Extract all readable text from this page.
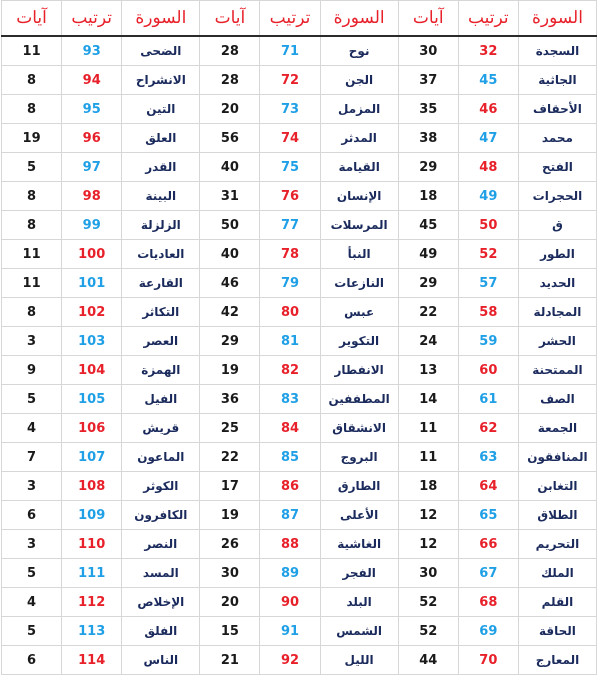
السورة	ترتيب	آيات	السورة	ترتيب	آيات	السورة	ترتيب	آيات
السجدة	32	30	نوح	71	28	الضحى	93	11
الجاثية	45	37	الجن	72	28	الانشراح	94	8
الأحقاف	46	35	المزمل	73	20	التين	95	8
محمد	47	38	المدثر	74	56	العلق	96	19
الفتح	48	29	القيامة	75	40	القدر	97	5
الحجرات	49	18	الإنسان	76	31	البينة	98	8
ق	50	45	المرسلات	77	50	الزلزلة	99	8
الطور	52	49	النبأ	78	40	العاديات	100	11
الحديد	57	29	النازعات	79	46	القارعة	101	11
المجادلة	58	22	عبس	80	42	التكاثر	102	8
الحشر	59	24	التكوير	81	29	العصر	103	3
الممتحنة	60	13	الانفطار	82	19	الهمزة	104	9
الصف	61	14	المطففين	83	36	الفيل	105	5
الجمعة	62	11	الانشقاق	84	25	قريش	106	4
المنافقون	63	11	البروج	85	22	الماعون	107	7
التغابن	64	18	الطارق	86	17	الكوثر	108	3
الطلاق	65	12	الأعلى	87	19	الكافرون	109	6
التحريم	66	12	الغاشية	88	26	النصر	110	3
الملك	67	30	الفجر	89	30	المسد	111	5
القلم	68	52	البلد	90	20	الإخلاص	112	4
الحاقة	69	52	الشمس	91	15	الفلق	113	5
المعارج	70	44	الليل	92	21	الناس	114	6
